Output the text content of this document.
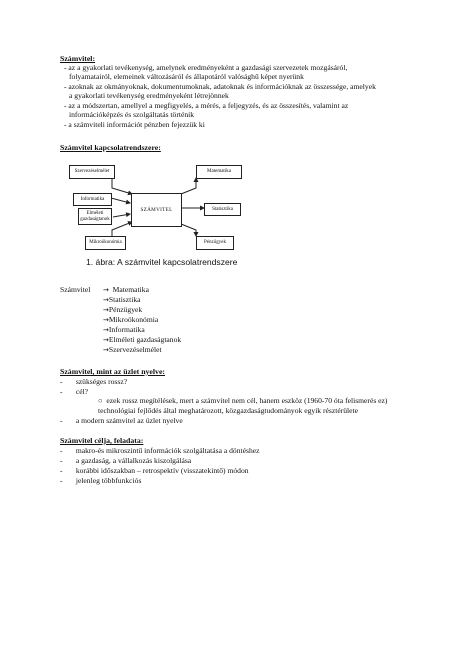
Számvitel:
- az a gyakorlati tevékenység, amelynek eredményeként a gazdasági szervezetek mozgásáról,
folyamatairól, elemeinek változásáról és állapotáról valósághű képet nyerünk
- azoknak az okmányoknak, dokumentumoknak, adatoknak és információknak az összessége, amelyek
a gyakorlati tevékenység eredményeként létrejönnek
- az a módszertan, amellyel a megfigyelés, a mérés, a feljegyzés, és az összesítés, valamint az
információképzés és szolgáltatás történik
- a számviteli információt pénzben fejezzük ki
Számvitel kapcsolatrendszere:
Szervezéselmélet
Informatika
Elméleti gazdaságtanok
Mikroökonómia
SZÁMVITEL
Matematika
Statisztika
Pénzügyek
1. ábra: A számvitel kapcsolatrendszere
Számvitel → Matematika
→Statisztika
→Pénzügyek
→Mikroökonómia
→Informatika
→Elméleti gazdaságtanok
→Szervezéselmélet
Számvitel, mint az üzlet nyelve:
-       szükséges rossz?
-       cél?
○ ezek rossz megítélések, mert a számvitel nem cél, hanem eszköz (1960-70 óta felismerés ez)
technológiai fejlődés által meghatározott, közgazdaságtudományok egyik résztérülete
-       a modern számvitel az üzlet nyelve
Számvitel célja, feladata:
-       makro-és mikroszintű információk szolgáltatása a döntéshez
-       a gazdaság, a vállalkozás kiszolgálása
-       korábbi időszakban – retrospektív (visszatekintő) módon
-       jelenleg többfunkciós
